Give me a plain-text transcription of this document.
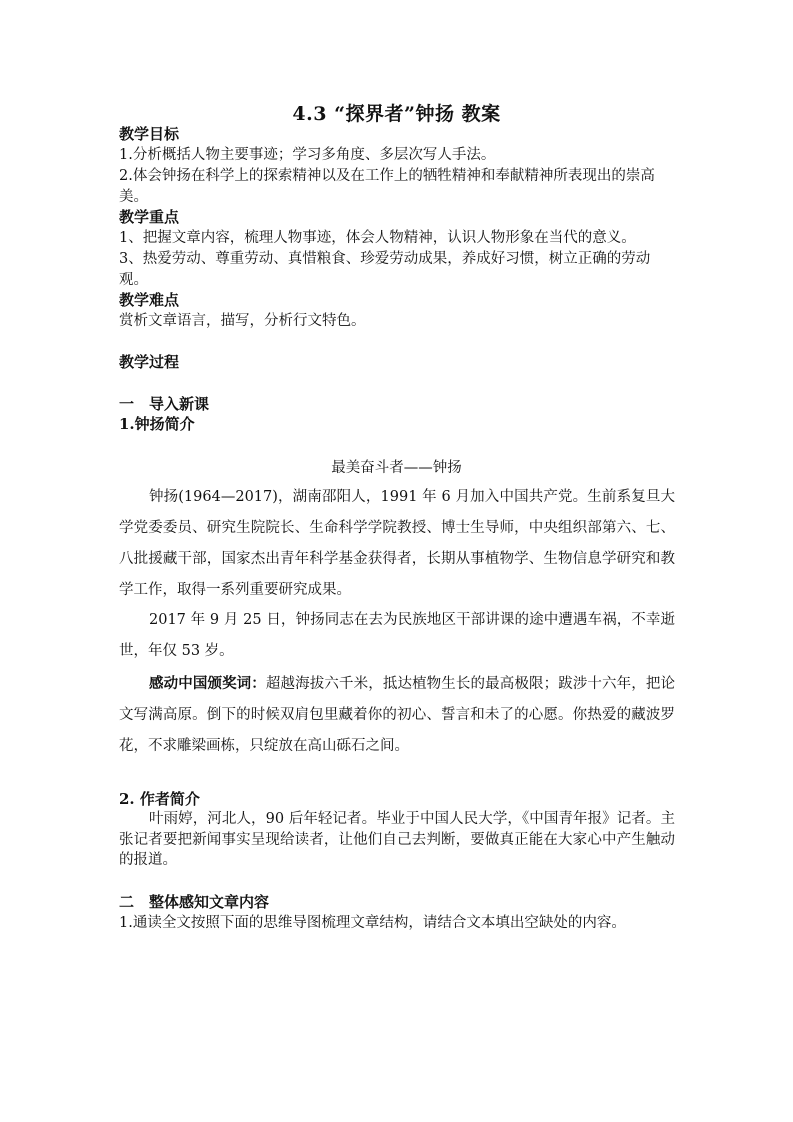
4.3 “探界者”钟扬 教案
教学目标
1.分析概括人物主要事迹；学习多角度、多层次写人手法。
2.体会钟扬在科学上的探索精神以及在工作上的牺牲精神和奉献精神所表现出的崇高美。
教学重点
1、把握文章内容，梳理人物事迹，体会人物精神，认识人物形象在当代的意义。
3、热爱劳动、尊重劳动、真惜粮食、珍爱劳动成果，养成好习惯，树立正确的劳动观。
教学难点
赏析文章语言，描写，分析行文特色。
教学过程
一　导入新课
1.钟扬简介
最美奋斗者——钟扬
钟扬(1964—2017)，湖南邵阳人，1991 年 6 月加入中国共产党。生前系复旦大学党委委员、研究生院院长、生命科学学院教授、博士生导师，中央组织部第六、七、八批援藏干部，国家杰出青年科学基金获得者，长期从事植物学、生物信息学研究和教学工作，取得一系列重要研究成果。
2017 年 9 月 25 日，钟扬同志在去为民族地区干部讲课的途中遭遇车祸，不幸逝世，年仅 53 岁。
感动中国颁奖词：超越海拔六千米，抵达植物生长的最高极限；跋涉十六年，把论文写满高原。倒下的时候双肩包里藏着你的初心、誓言和未了的心愿。你热爱的藏波罗花，不求雕梁画栋，只绽放在高山砾石之间。
2. 作者简介
叶雨婷，河北人，90 后年轻记者。毕业于中国人民大学，《中国青年报》记者。主张记者要把新闻事实呈现给读者，让他们自己去判断，要做真正能在大家心中产生触动的报道。
二　整体感知文章内容
1.通读全文按照下面的思维导图梳理文章结构，请结合文本填出空缺处的内容。
